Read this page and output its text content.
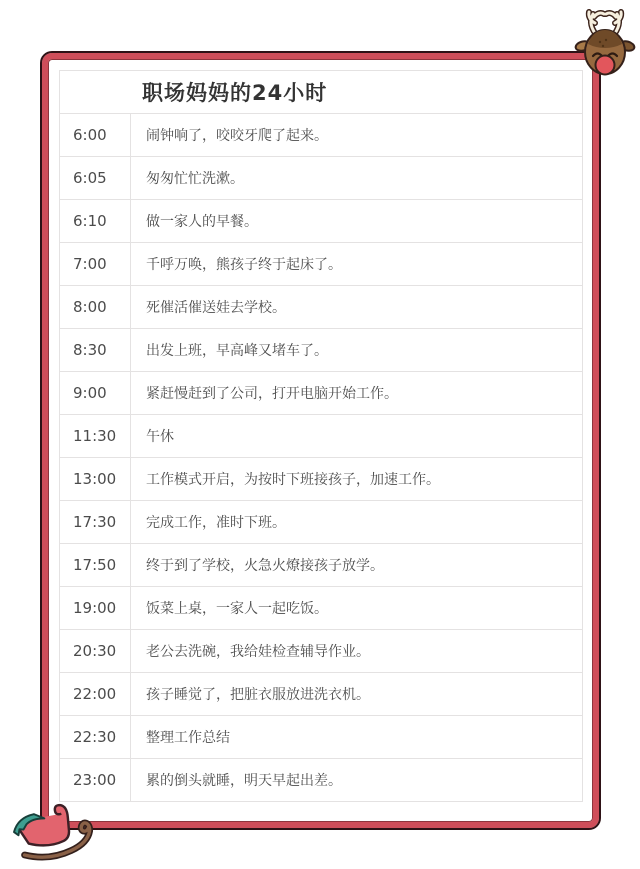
职场妈妈的24小时	
6:00	闹钟响了，咬咬牙爬了起来。
6:05	匆匆忙忙洗漱。
6:10	做一家人的早餐。
7:00	千呼万唤，熊孩子终于起床了。
8:00	死催活催送娃去学校。
8:30	出发上班，早高峰又堵车了。
9:00	紧赶慢赶到了公司，打开电脑开始工作。
11:30	午休
13:00	工作模式开启，为按时下班接孩子，加速工作。
17:30	完成工作，准时下班。
17:50	终于到了学校，火急火燎接孩子放学。
19:00	饭菜上桌，一家人一起吃饭。
20:30	老公去洗碗，我给娃检查辅导作业。
22:00	孩子睡觉了，把脏衣服放进洗衣机。
22:30	整理工作总结
23:00	累的倒头就睡，明天早起出差。
